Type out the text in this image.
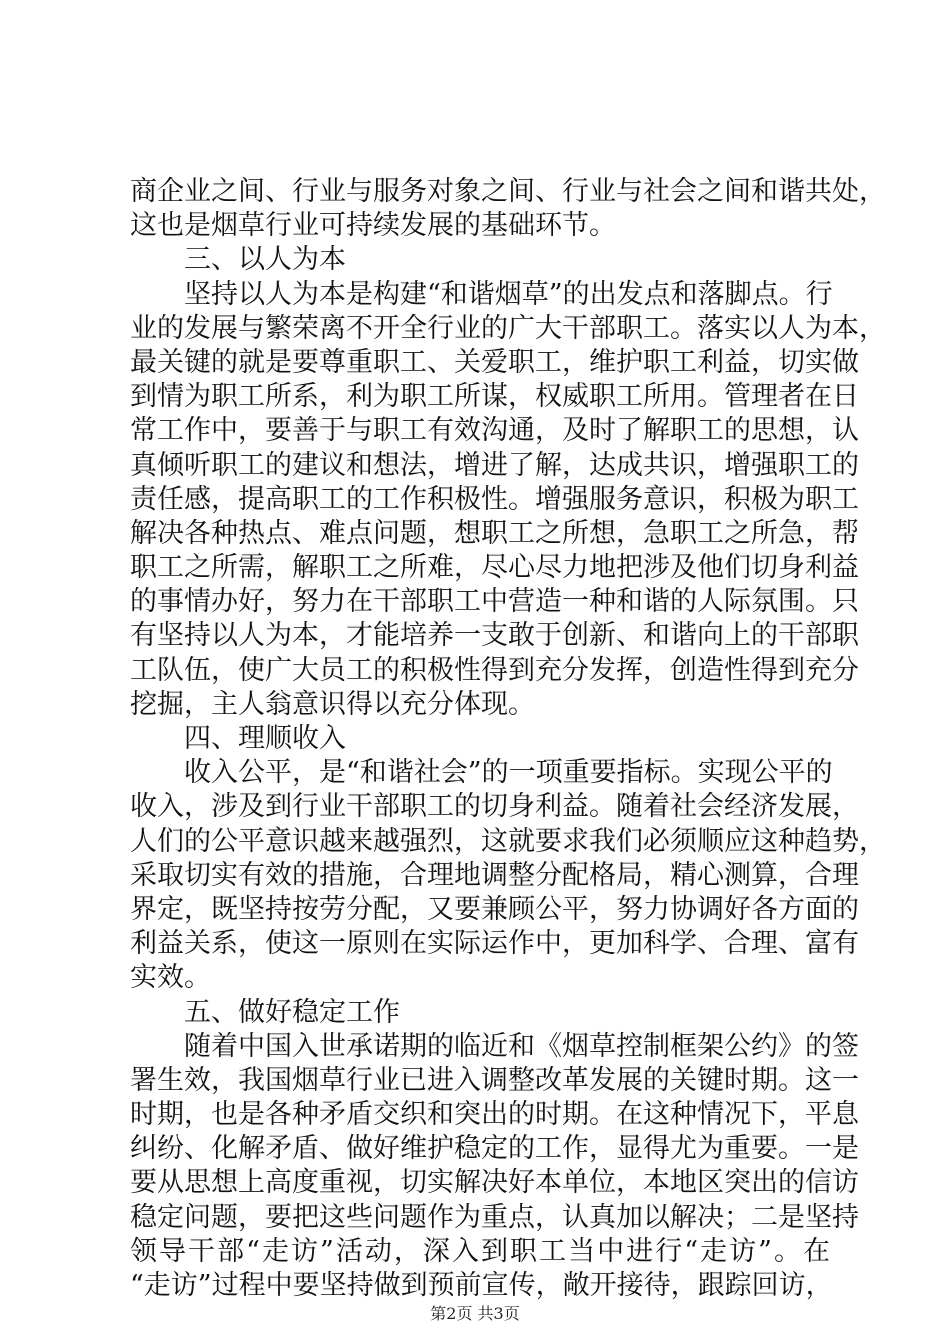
商企业之间、行业与服务对象之间、行业与社会之间和谐共处，
这也是烟草行业可持续发展的基础环节。
三、以人为本
坚持以人为本是构建“和谐烟草”的出发点和落脚点。行
业的发展与繁荣离不开全行业的广大干部职工。落实以人为本，
最关键的就是要尊重职工、关爱职工，维护职工利益，切实做
到情为职工所系，利为职工所谋，权威职工所用。管理者在日
常工作中，要善于与职工有效沟通，及时了解职工的思想，认
真倾听职工的建议和想法，增进了解，达成共识，增强职工的
责任感，提高职工的工作积极性。增强服务意识，积极为职工
解决各种热点、难点问题，想职工之所想，急职工之所急，帮
职工之所需，解职工之所难，尽心尽力地把涉及他们切身利益
的事情办好，努力在干部职工中营造一种和谐的人际氛围。只
有坚持以人为本，才能培养一支敢于创新、和谐向上的干部职
工队伍，使广大员工的积极性得到充分发挥，创造性得到充分
挖掘，主人翁意识得以充分体现。
四、理顺收入
收入公平，是“和谐社会”的一项重要指标。实现公平的
收入，涉及到行业干部职工的切身利益。随着社会经济发展，
人们的公平意识越来越强烈，这就要求我们必须顺应这种趋势，
采取切实有效的措施，合理地调整分配格局，精心测算，合理
界定，既坚持按劳分配，又要兼顾公平，努力协调好各方面的
利益关系，使这一原则在实际运作中，更加科学、合理、富有
实效。
五、做好稳定工作
随着中国入世承诺期的临近和《烟草控制框架公约》的签
署生效，我国烟草行业已进入调整改革发展的关键时期。这一
时期，也是各种矛盾交织和突出的时期。在这种情况下，平息
纠纷、化解矛盾、做好维护稳定的工作，显得尤为重要。一是
要从思想上高度重视，切实解决好本单位，本地区突出的信访
稳定问题，要把这些问题作为重点，认真加以解决；二是坚持
领导干部“走访”活动，深入到职工当中进行“走访”。在
“走访”过程中要坚持做到预前宣传，敞开接待，跟踪回访，
第2页 共3页
